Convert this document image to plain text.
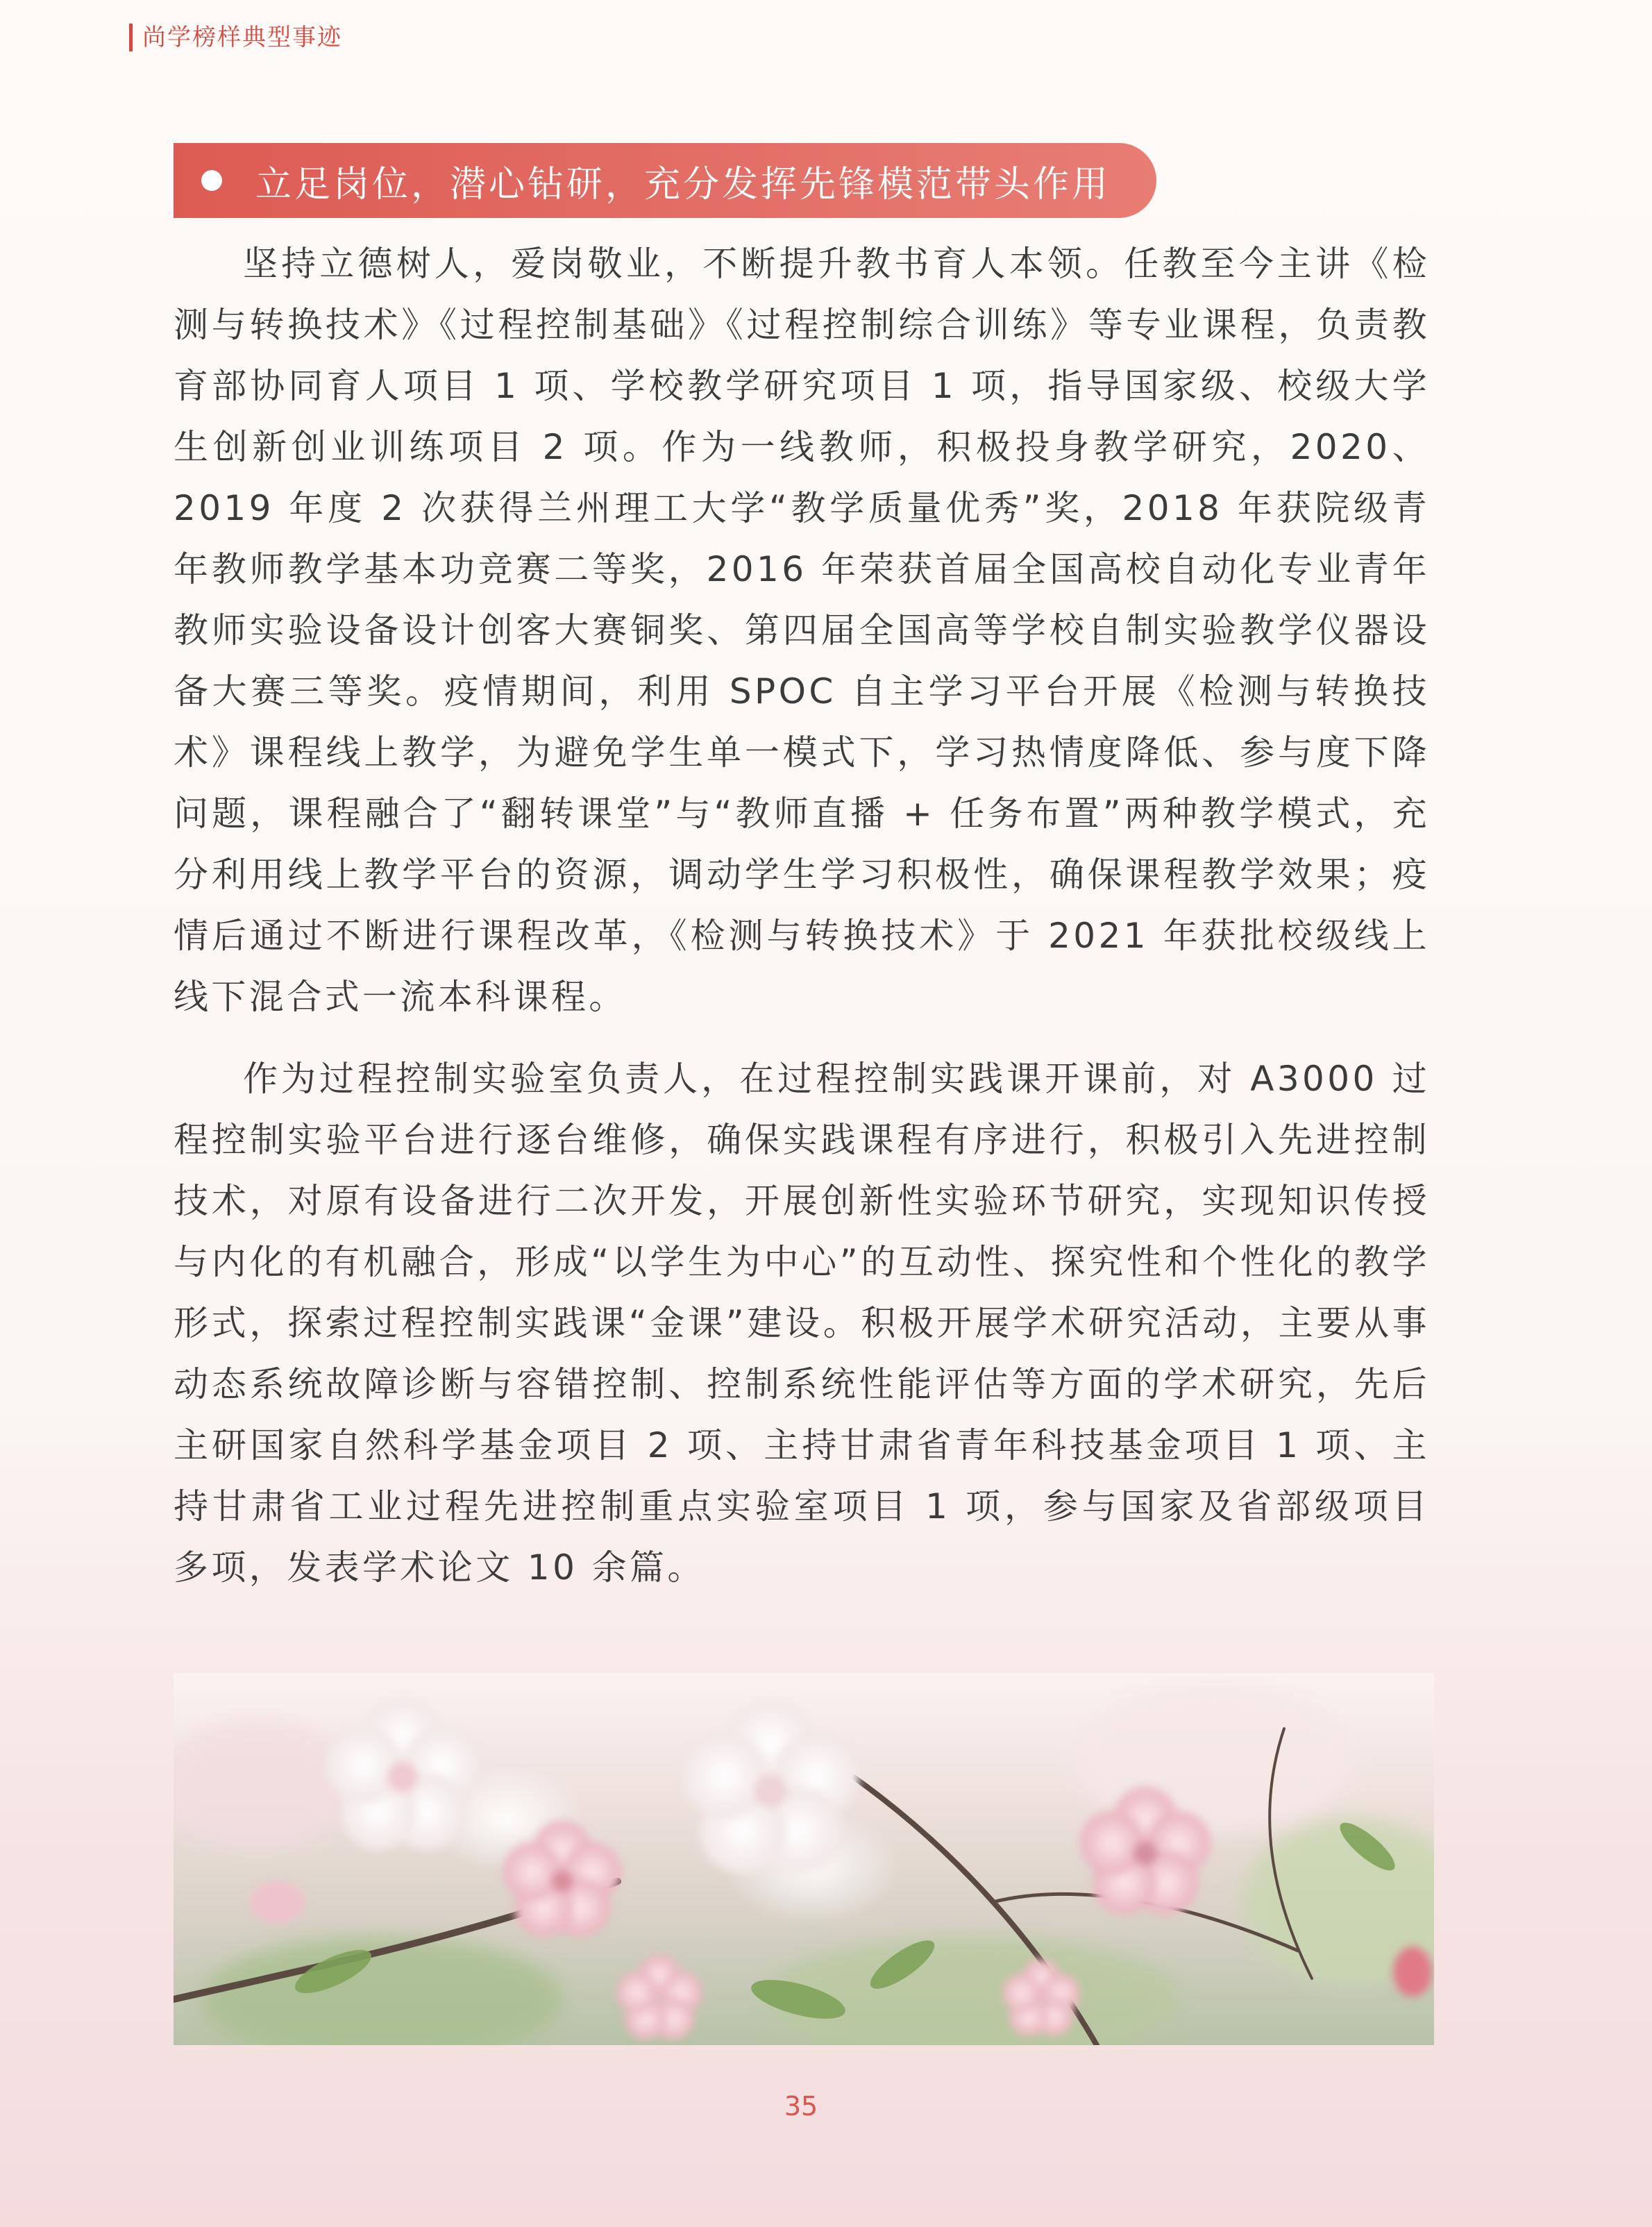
尚学榜样典型事迹
立足岗位，潜心钻研，充分发挥先锋模范带头作用

坚持立德树人，爱岗敬业，不断提升教书育人本领。任教至今主讲《检测与转换技术》《过程控制基础》《过程控制综合训练》等专业课程，负责教育部协同育人项目 1 项、学校教学研究项目 1 项，指导国家级、校级大学生创新创业训练项目 2 项。作为一线教师，积极投身教学研究，2020、2019 年度 2 次获得兰州理工大学“教学质量优秀”奖，2018 年获院级青年教师教学基本功竞赛二等奖，2016 年荣获首届全国高校自动化专业青年教师实验设备设计创客大赛铜奖、第四届全国高等学校自制实验教学仪器设备大赛三等奖。疫情期间，利用 SPOC 自主学习平台开展《检测与转换技术》课程线上教学，为避免学生单一模式下，学习热情度降低、参与度下降问题，课程融合了“翻转课堂”与“教师直播 + 任务布置”两种教学模式，充分利用线上教学平台的资源，调动学生学习积极性，确保课程教学效果；疫情后通过不断进行课程改革，《检测与转换技术》于 2021 年获批校级线上线下混合式一流本科课程。

作为过程控制实验室负责人，在过程控制实践课开课前，对 A3000 过程控制实验平台进行逐台维修，确保实践课程有序进行，积极引入先进控制技术，对原有设备进行二次开发，开展创新性实验环节研究，实现知识传授与内化的有机融合，形成“以学生为中心”的互动性、探究性和个性化的教学形式，探索过程控制实践课“金课”建设。积极开展学术研究活动，主要从事动态系统故障诊断与容错控制、控制系统性能评估等方面的学术研究，先后主研国家自然科学基金项目 2 项、主持甘肃省青年科技基金项目 1 项、主持甘肃省工业过程先进控制重点实验室项目 1 项，参与国家及省部级项目多项，发表学术论文 10 余篇。

35
